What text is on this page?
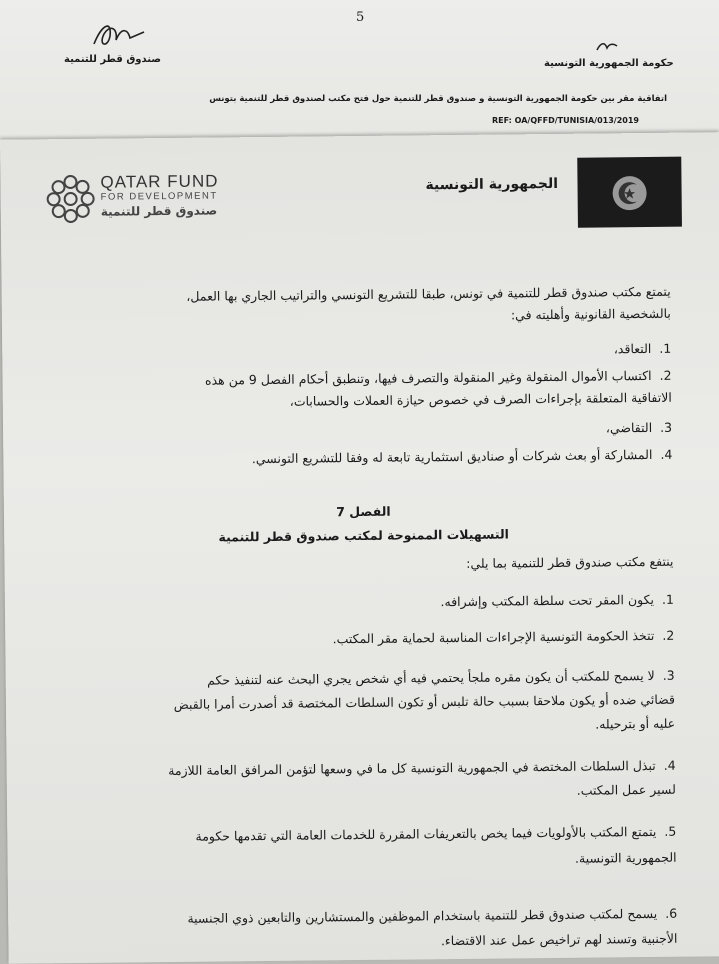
5
صندوق قطر للتنمية	حكومة الجمهورية التونسية
اتفاقية مقر بين حكومة الجمهورية التونسية و صندوق قطر للتنمية حول فتح مكتب لصندوق قطر للتنمية بتونس
REF: OA/QFFD/TUNISIA/013/2019
QATAR FUND
FOR DEVELOPMENT
صندوق قطر للتنمية
الجمهورية التونسية
يتمتع مكتب صندوق قطر للتنمية في تونس، طبقا للتشريع التونسي والتراتيب الجاري بها العمل،
بالشخصية القانونية وأهليته في:
1.التعاقد،
2.اكتساب الأموال المنقولة وغير المنقولة والتصرف فيها، وتنطبق أحكام الفصل 9 من هذه
الاتفاقية المتعلقة بإجراءات الصرف في خصوص حيازة العملات والحسابات،
3.التقاضي،
4.المشاركة أو بعث شركات أو صناديق استثمارية تابعة له وفقا للتشريع التونسي.
الفصل 7
التسهيلات الممنوحة لمكتب صندوق قطر للتنمية
ينتفع مكتب صندوق قطر للتنمية بما يلي:
1.يكون المقر تحت سلطة المكتب وإشرافه.
2.تتخذ الحكومة التونسية الإجراءات المناسبة لحماية مقر المكتب.
3.لا يسمح للمكتب أن يكون مقره ملجأ يحتمي فيه أي شخص يجري البحث عنه لتنفيذ حكم
قضائي ضده أو يكون ملاحقا بسبب حالة تلبس أو تكون السلطات المختصة قد أصدرت أمرا بالقبض
عليه أو بترحيله.
4.تبذل السلطات المختصة في الجمهورية التونسية كل ما في وسعها لتؤمن المرافق العامة اللازمة
لسير عمل المكتب.
5.يتمتع المكتب بالأولويات فيما يخص بالتعريفات المقررة للخدمات العامة التي تقدمها حكومة
الجمهورية التونسية.
6.يسمح لمكتب صندوق قطر للتنمية باستخدام الموظفين والمستشارين والتابعين ذوي الجنسية
الأجنبية وتسند لهم تراخيص عمل عند الاقتضاء.
